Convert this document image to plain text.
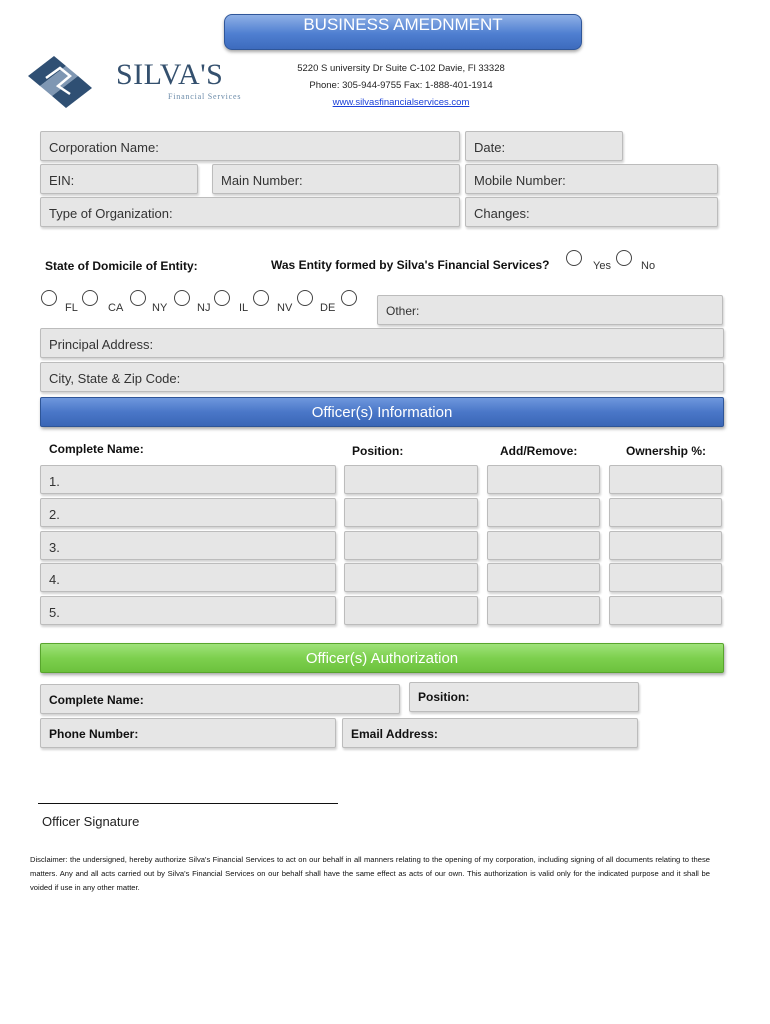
BUSINESS AMEDNMENT
SILVA'S
Financial Services
5220 S university Dr Suite C-102 Davie, Fl 33328
Phone: 305-944-9755 Fax: 1-888-401-1914
www.silvasfinancialservices.com
Corporation Name:	Date:
EIN:	Main Number:	Mobile Number:
Type of Organization:	Changes:
State of Domicile of Entity:	Was Entity formed by Silva's Financial Services?	Yes	No
FL	CA	NY	NJ	IL	NV	DE	Other:
Principal Address:
City, State & Zip Code:
Officer(s) Information
Complete Name:	Position:	Add/Remove:	Ownership %:
1.
2.
3.
4.
5.
Officer(s) Authorization
Complete Name:	Position:
Phone Number:	Email Address:
Officer Signature
Disclaimer: the undersigned, hereby authorize Silva's Financial Services to act on our behalf in all manners relating to the opening of my corporation, including signing of all documents relating to these matters. Any and all acts carried out by Silva's Financial Services on our behalf shall have the same effect as acts of our own. This authorization is valid only for the indicated purpose and it shall be voided if use in any other matter.
